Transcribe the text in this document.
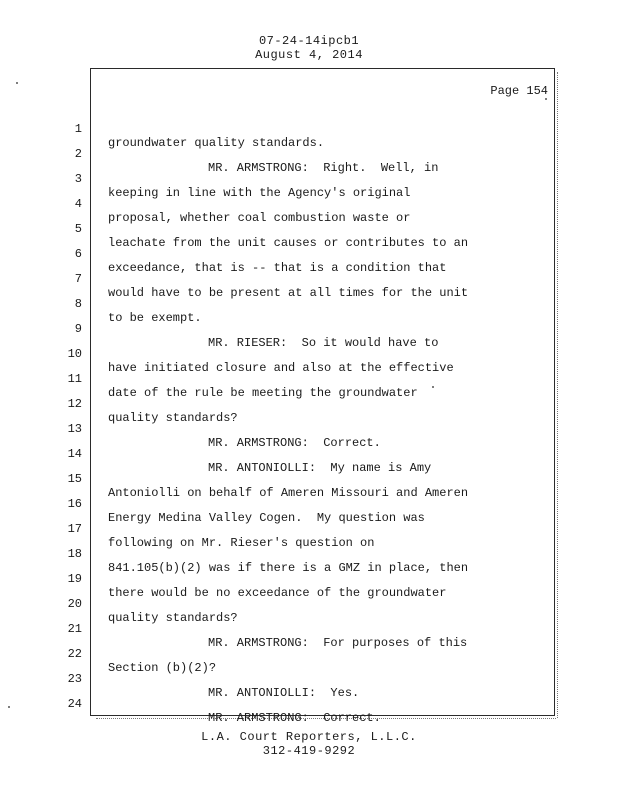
07-24-14ipcb1
August 4, 2014
Page 154

1

groundwater quality standards.

2

MR. ARMSTRONG:  Right.  Well, in

3

keeping in line with the Agency's original

4

proposal, whether coal combustion waste or

5

leachate from the unit causes or contributes to an

6

exceedance, that is -- that is a condition that

7

would have to be present at all times for the unit

8

to be exempt.

9

MR. RIESER:  So it would have to

10

have initiated closure and also at the effective

11

date of the rule be meeting the groundwater

12

quality standards?

13

MR. ARMSTRONG:  Correct.

14

MR. ANTONIOLLI:  My name is Amy

15

Antoniolli on behalf of Ameren Missouri and Ameren

16

Energy Medina Valley Cogen.  My question was

17

following on Mr. Rieser's question on

18

841.105(b)(2) was if there is a GMZ in place, then

19

there would be no exceedance of the groundwater

20

quality standards?

21

MR. ARMSTRONG:  For purposes of this

22

Section (b)(2)?

23

MR. ANTONIOLLI:  Yes.

24

MR. ARMSTRONG:  Correct.

L.A. Court Reporters, L.L.C.
312-419-9292
